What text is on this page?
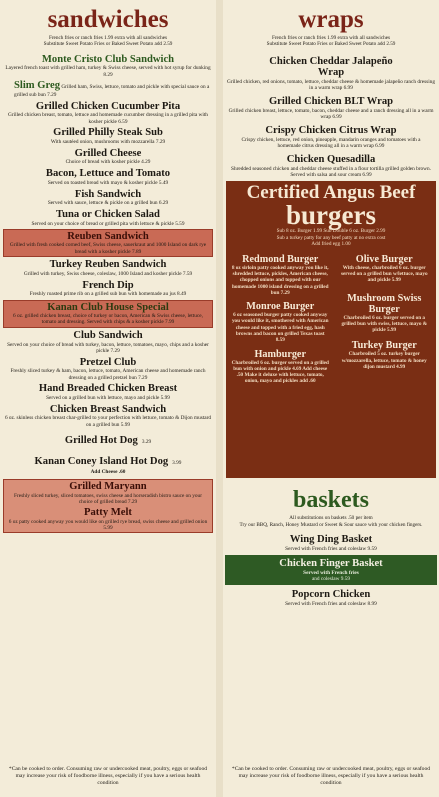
sandwiches
French fries or ranch fries 1.99 extra with all sandwiches
Substitute Sweet Potato Fries or Baked Sweet Potato add 2.59
Monte Cristo Club Sandwich
Layered french toast with grilled ham, turkey & Swiss cheese, served with hot syrup for dunking 8.29
Slim Greg Grilled ham, Swiss, lettuce, tomato and pickle with special sauce on a grilled sub bun 7.29
Grilled Chicken Cucumber Pita
Grilled chicken breast, tomato, lettuce and homemade cucumber dressing in a grilled pita with kosher pickle 6.59
Grilled Philly Steak Sub
With sautéed onion, mushrooms with mozzarella 7.29
Grilled Cheese
Choice of bread with kosher pickle 4.29
Bacon, Lettuce and Tomato
Served on toasted bread with mayo & kosher pickle 5.49
Fish Sandwich
Served with sauce, lettuce & pickle on a grilled bun 6.29
Tuna or Chicken Salad
Served on your choice of bread or grilled pita with lettuce & pickle 5.59
Reuben Sandwich
Grilled with fresh cooked corned beef, Swiss cheese, sauerkraut and 1000 Island on dark rye bread with a kosher pickle 7.89
Turkey Reuben Sandwich
Grilled with turkey, Swiss cheese, coleslaw, 1000 Island and kosher pickle 7.59
French Dip
Freshly roasted prime rib on a grilled sub bun with homemade au jus 8.49
Kanan Club House Special
6 oz. grilled chicken breast, choice of turkey or bacon, American & Swiss cheese, lettuce, tomato and dressing. Served with chips & a kosher pickle 7.99
Club Sandwich
Served on your choice of bread with turkey, bacon, lettuce, tomatoes, mayo, chips and a kosher pickle 7.29
Pretzel Club
Freshly sliced turkey & ham, bacon, lettuce, tomato, American cheese and homemade ranch dressing on a grilled pretzel bun 7.29
Hand Breaded Chicken Breast
Served on a grilled bun with lettuce, mayo and pickle 5.99
Chicken Breast Sandwich
6 oz. skinless chicken breast char-grilled to your perfection with lettuce, tomato & Dijon mustard on a grilled bun 5.99
Grilled Hot Dog 3.29
Kanan Coney Island Hot Dog 3.99
Add Cheese .60
Grilled Maryann
Freshly sliced turkey, sliced tomatoes, swiss cheese and horseradish bistro sauce on your choice of grilled bread 7.29
Patty Melt
6 oz patty cooked anyway you would like on grilled rye bread, swiss cheese and grilled onion 5.99
*Can be cooked to order. Consuming raw or undercooked meat, poultry, eggs or seafood may increase your risk of foodborne illness, especially if you have a serious health condition
wraps
French fries or ranch fries 1.99 extra with all sandwiches
Substitute Sweet Potato Fries or Baked Sweet Potato add 2.59
Chicken Cheddar Jalapeño Wrap
Grilled chicken, red onions, tomato, lettuce, cheddar cheese & homemade jalapeño ranch dressing in a warm wrap 6.99
Grilled Chicken BLT Wrap
Grilled chicken breast, lettuce, tomato, bacon, cheddar cheese and a ranch dressing all in a warm wrap 6.99
Crispy Chicken Citrus Wrap
Crispy chicken, lettuce, red onion, pineapple, mandarin oranges and tomatoes with a homemade citrus dressing all in a warm wrap 6.99
Chicken Quesadilla
Shredded seasoned chicken and cheddar cheese stuffed in a flour tortilla grilled golden brown. Served with salsa and sour cream 6.99
Certified Angus Beef
burgers
Sub 8 oz. Burger 1.99 Sub Double 6 oz. Burger 2.99
Sub a turkey patty for any beef patty at no extra cost
Add fried egg 1.00
Redmond Burger
8 oz sirloin patty cooked anyway you like it, shredded lettuce, pickles, American cheese, chopped onions and topped with our homemade 1000 island dressing on a grilled bun 7.29
Monroe Burger
6 oz seasoned burger patty cooked anyway you would like it, smothered with American cheese and topped with a fried egg, hash browns and bacon on grilled Texas toast 8.59
Hamburger
Charbroiled 6 oz. burger served on a grilled bun with onion and pickle 4.69 Add cheese .50 Make it deluxe with lettuce, tomato, onion, mayo and pickles add .60
Olive Burger
With cheese, charbroiled 6 oz. burger served on a grilled bun w/lettuce, mayo and pickle 5.99
Mushroom Swiss Burger
Charbroiled 6 oz. burger served on a grilled bun with swiss, lettuce, mayo & pickle 5.99
Turkey Burger
Charbroiled 5 oz. turkey burger w/mozzarella, lettuce, tomato & honey dijon mustard 4.99
baskets
All substitutions on baskets .50 per item
Try our BBQ, Ranch, Honey Mustard or Sweet & Sour sauce with your chicken fingers.
Wing Ding Basket
Served with French fries and coleslaw 9.59
Chicken Finger Basket
Served with French fries
and coleslaw 9.59
Popcorn Chicken
Served with French fries and coleslaw 8.99
*Can be cooked to order. Consuming raw or undercooked meat, poultry, eggs or seafood may increase your risk of foodborne illness, especially if you have a serious health condition
